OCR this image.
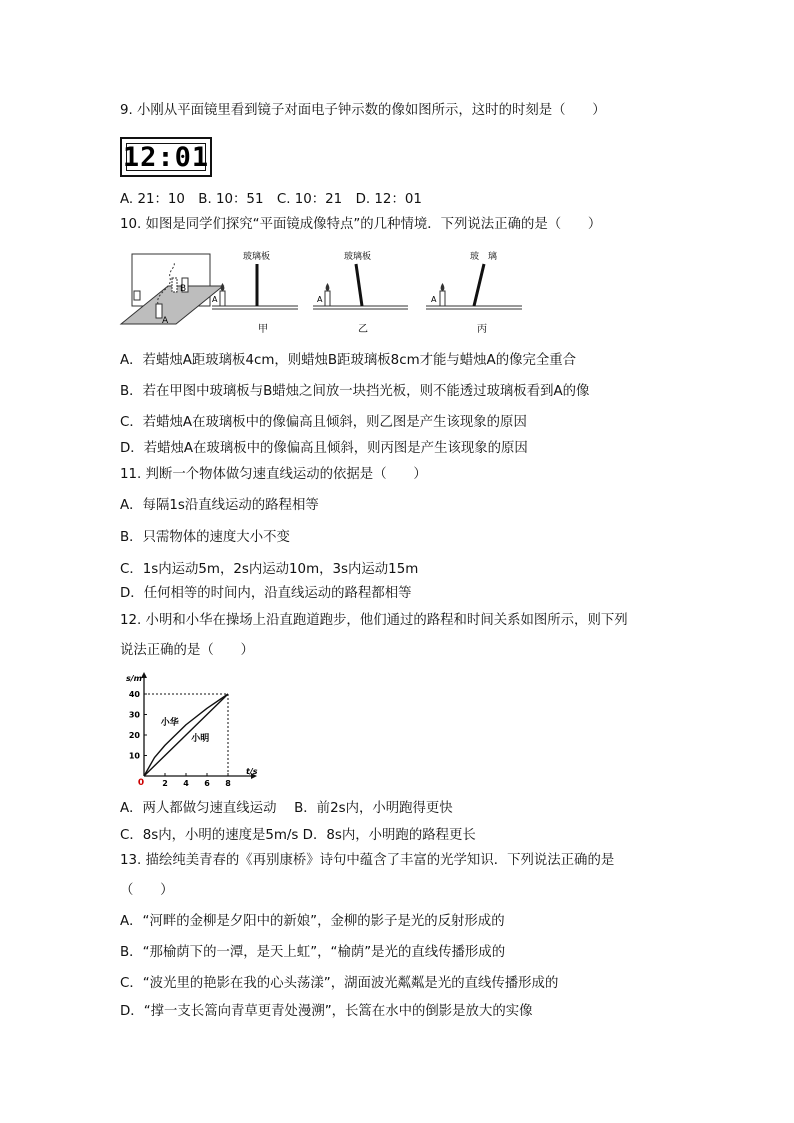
9. 小刚从平面镜里看到镜子对面电子钟示数的像如图所示，这时的时刻是（　　）
12:01
A. 21：10　B. 10：51　C. 10：21　D. 12：01
10. 如图是同学们探究“平面镜成像特点”的几种情境．下列说法正确的是（　　）
B
A
A
玻璃板
甲
A
玻璃板
乙
A
玻 璃
丙
A．若蜡烛A距玻璃板4cm，则蜡烛B距玻璃板8cm才能与蜡烛A的像完全重合
B．若在甲图中玻璃板与B蜡烛之间放一块挡光板，则不能透过玻璃板看到A的像
C．若蜡烛A在玻璃板中的像偏高且倾斜，则乙图是产生该现象的原因
D．若蜡烛A在玻璃板中的像偏高且倾斜，则丙图是产生该现象的原因
11. 判断一个物体做匀速直线运动的依据是（　　）
A．每隔1s沿直线运动的路程相等
B．只需物体的速度大小不变
C．1s内运动5m，2s内运动10m，3s内运动15m
D．任何相等的时间内，沿直线运动的路程都相等
12. 小明和小华在操场上沿直跑道跑步，他们通过的路程和时间关系如图所示，则下列
说法正确的是（　　）
s/m
t/s
0 2 4 6 8
10
20
30
40
小华
小明
A．两人都做匀速直线运动　 B．前2s内，小明跑得更快
C．8s内，小明的速度是5m/s D．8s内，小明跑的路程更长
13. 描绘纯美青春的《再别康桥》诗句中蕴含了丰富的光学知识．下列说法正确的是
（　　）
A．“河畔的金柳是夕阳中的新娘”，金柳的影子是光的反射形成的
B．“那榆荫下的一潭，是天上虹”，“榆荫”是光的直线传播形成的
C．“波光里的艳影在我的心头荡漾”，湖面波光粼粼是光的直线传播形成的
D．“撑一支长篙向青草更青处漫溯”，长篙在水中的倒影是放大的实像
